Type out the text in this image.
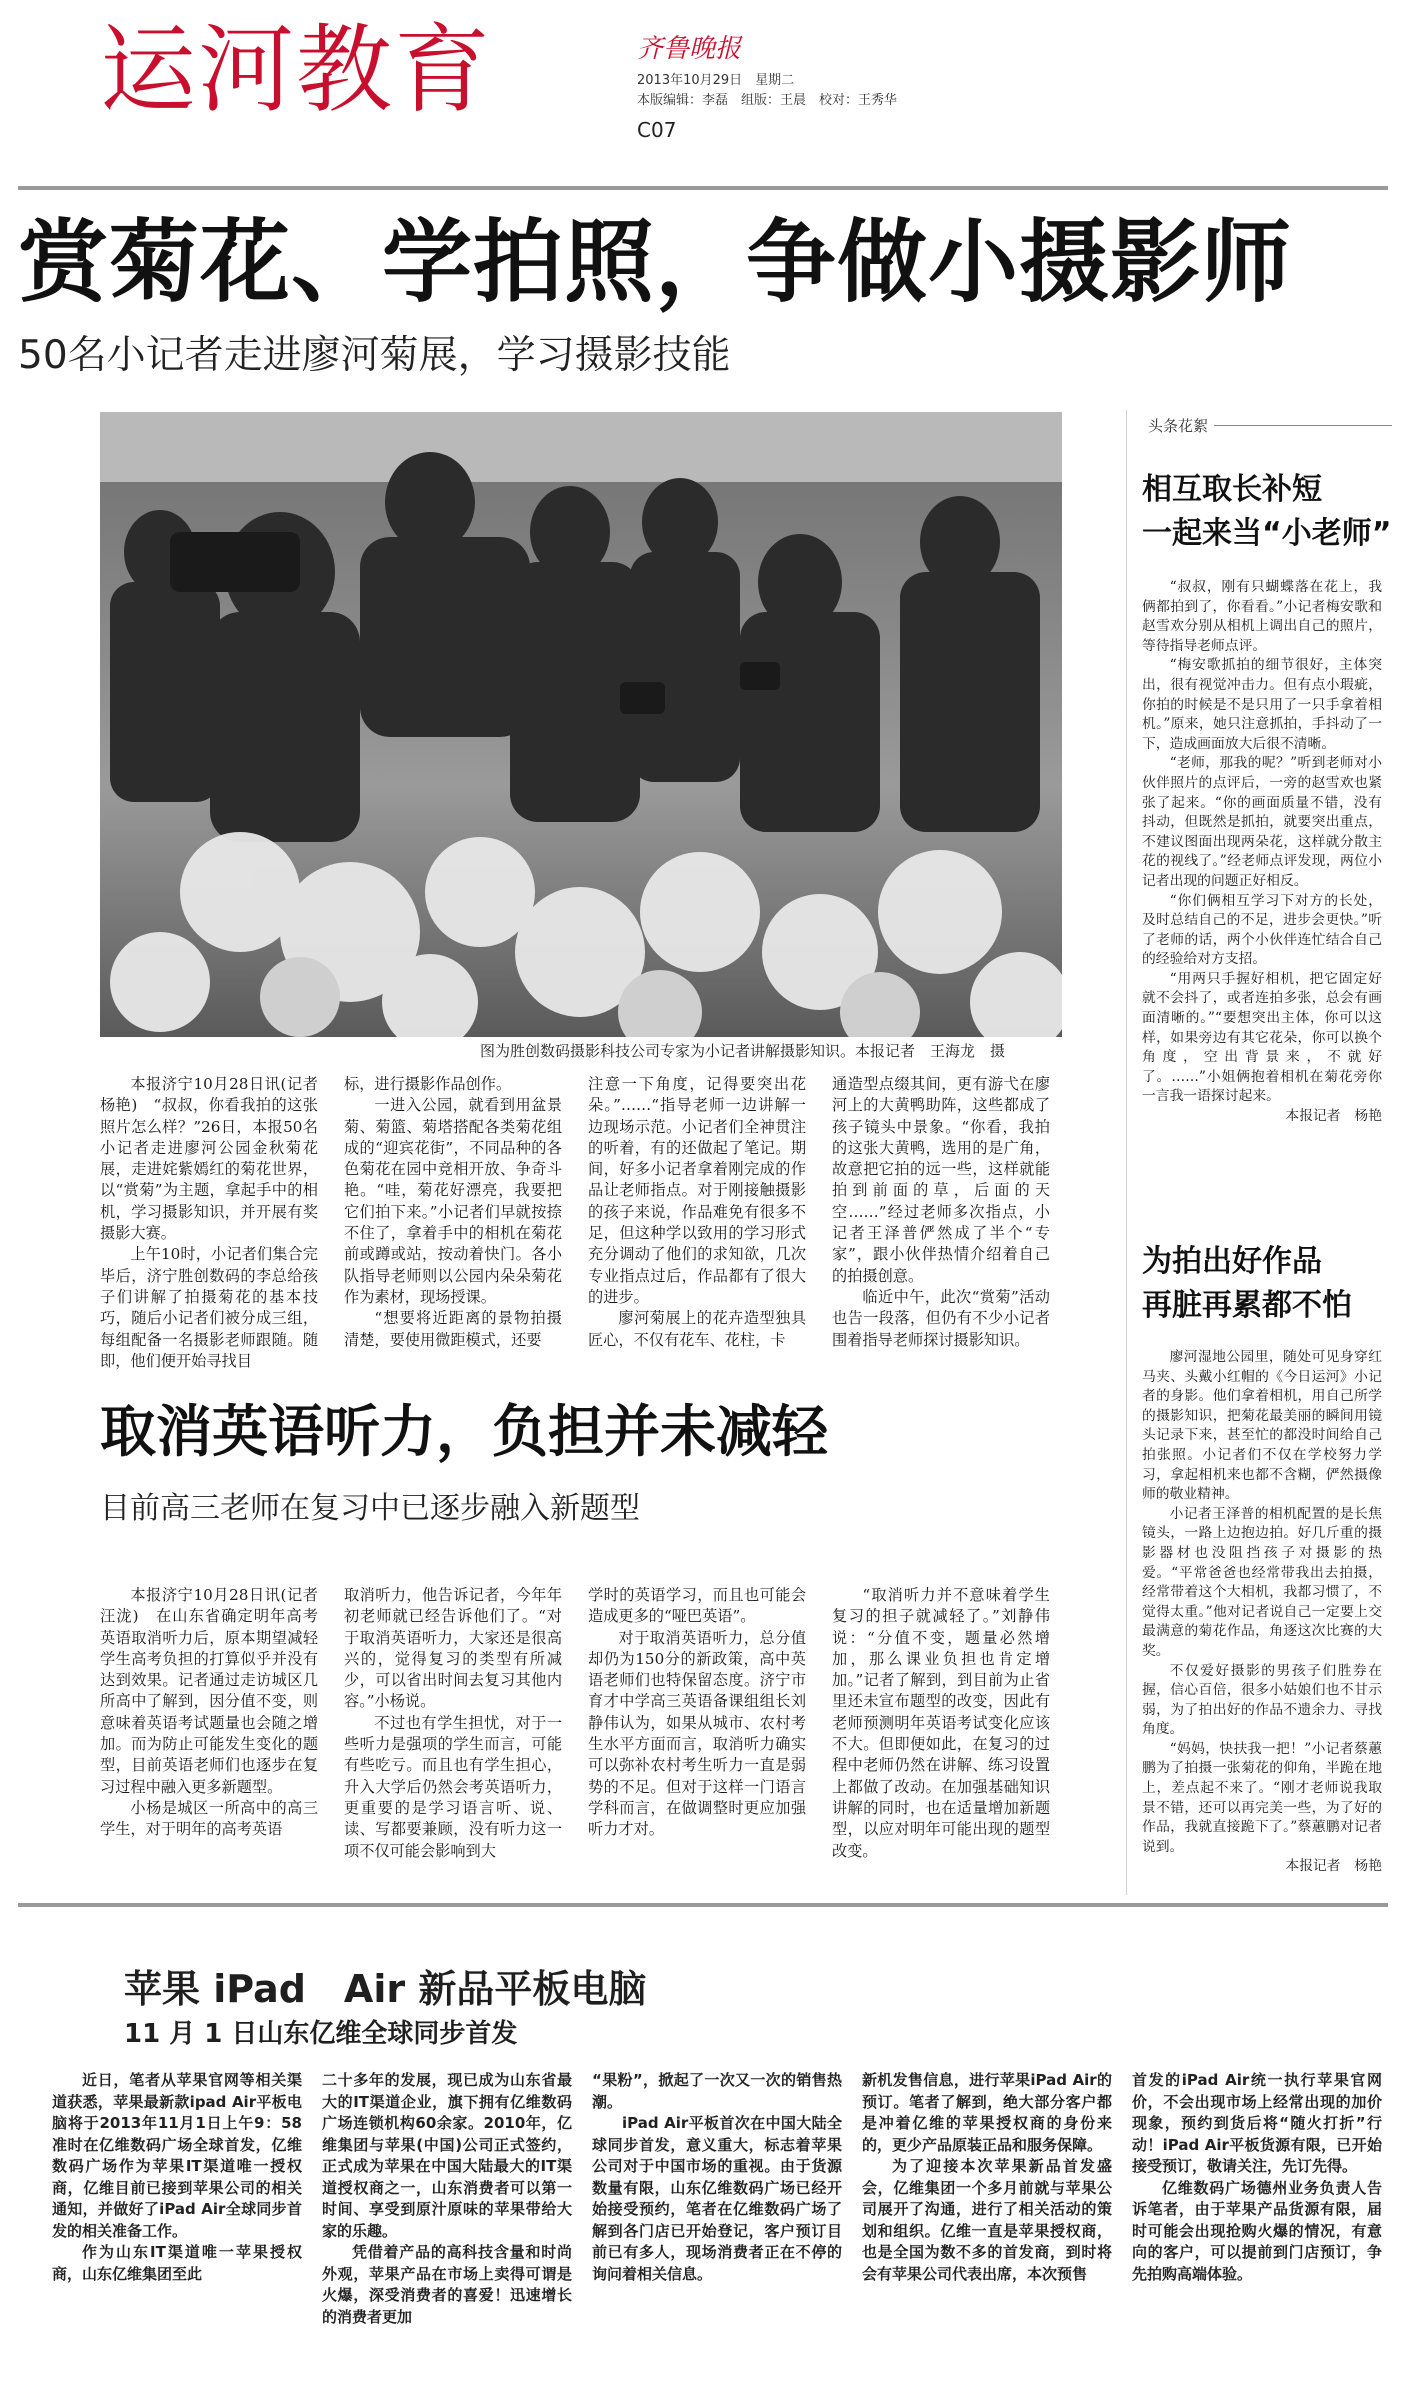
运河教育	齐鲁晚报
2013年10月29日　星期二
本版编辑：李磊　组版：王晨　校对：王秀华
C07
赏菊花、学拍照，争做小摄影师
50名小记者走进廖河菊展，学习摄影技能
图为胜创数码摄影科技公司专家为小记者讲解摄影知识。本报记者　王海龙　摄

本报济宁10月28日讯(记者　杨艳)　“叔叔，你看我拍的这张照片怎么样？”26日，本报50名小记者走进廖河公园金秋菊花展，走进姹紫嫣红的菊花世界，以“赏菊”为主题，拿起手中的相机，学习摄影知识，并开展有奖摄影大赛。

上午10时，小记者们集合完毕后，济宁胜创数码的李总给孩子们讲解了拍摄菊花的基本技巧，随后小记者们被分成三组，每组配备一名摄影老师跟随。随即，他们便开始寻找目

标，进行摄影作品创作。

一进入公园，就看到用盆景菊、菊篮、菊塔搭配各类菊花组成的“迎宾花街”，不同品种的各色菊花在园中竞相开放、争奇斗艳。“哇，菊花好漂亮，我要把它们拍下来。”小记者们早就按捺不住了，拿着手中的相机在菊花前或蹲或站，按动着快门。各小队指导老师则以公园内朵朵菊花作为素材，现场授课。

“想要将近距离的景物拍摄清楚，要使用微距模式，还要

注意一下角度，记得要突出花朵。”……“指导老师一边讲解一边现场示范。小记者们全神贯注的听着，有的还做起了笔记。期间，好多小记者拿着刚完成的作品让老师指点。对于刚接触摄影的孩子来说，作品难免有很多不足，但这种学以致用的学习形式充分调动了他们的求知欲，几次专业指点过后，作品都有了很大的进步。

廖河菊展上的花卉造型独具匠心，不仅有花车、花柱，卡

通造型点缀其间，更有游弋在廖河上的大黄鸭助阵，这些都成了孩子镜头中景象。“你看，我拍的这张大黄鸭，选用的是广角，故意把它拍的远一些，这样就能拍到前面的草，后面的天空……”经过老师多次指点，小记者王泽普俨然成了半个“专家”，跟小伙伴热情介绍着自己的拍摄创意。

临近中午，此次“赏菊”活动也告一段落，但仍有不少小记者围着指导老师探讨摄影知识。

取消英语听力，负担并未减轻
目前高三老师在复习中已逐步融入新题型

本报济宁10月28日讯(记者　汪泷)　在山东省确定明年高考英语取消听力后，原本期望减轻学生高考负担的打算似乎并没有达到效果。记者通过走访城区几所高中了解到，因分值不变，则意味着英语考试题量也会随之增加。而为防止可能发生变化的题型，目前英语老师们也逐步在复习过程中融入更多新题型。

小杨是城区一所高中的高三学生，对于明年的高考英语

取消听力，他告诉记者，今年年初老师就已经告诉他们了。“对于取消英语听力，大家还是很高兴的，觉得复习的类型有所减少，可以省出时间去复习其他内容。”小杨说。

不过也有学生担忧，对于一些听力是强项的学生而言，可能有些吃亏。而且也有学生担心，升入大学后仍然会考英语听力，更重要的是学习语言听、说、读、写都要兼顾，没有听力这一项不仅可能会影响到大

学时的英语学习，而且也可能会造成更多的“哑巴英语”。

对于取消英语听力，总分值却仍为150分的新政策，高中英语老师们也特保留态度。济宁市育才中学高三英语备课组组长刘静伟认为，如果从城市、农村考生水平方面而言，取消听力确实可以弥补农村考生听力一直是弱势的不足。但对于这样一门语言学科而言，在做调整时更应加强听力才对。

“取消听力并不意味着学生复习的担子就减轻了。”刘静伟说：“分值不变，题量必然增加，那么课业负担也肯定增加。”记者了解到，到目前为止省里还未宣布题型的改变，因此有老师预测明年英语考试变化应该不大。但即便如此，在复习的过程中老师仍然在讲解、练习设置上都做了改动。在加强基础知识讲解的同时，也在适量增加新题型，以应对明年可能出现的题型改变。

头条花絮
相互取长补短
一起来当“小老师”

“叔叔，刚有只蝴蝶落在花上，我俩都拍到了，你看看。”小记者梅安歌和赵雪欢分别从相机上调出自己的照片，等待指导老师点评。

“梅安歌抓拍的细节很好，主体突出，很有视觉冲击力。但有点小瑕疵，你拍的时候是不是只用了一只手拿着相机。”原来，她只注意抓拍，手抖动了一下，造成画面放大后很不清晰。

“老师，那我的呢？”听到老师对小伙伴照片的点评后，一旁的赵雪欢也紧张了起来。“你的画面质量不错，没有抖动，但既然是抓拍，就要突出重点，不建议图面出现两朵花，这样就分散主花的视线了。”经老师点评发现，两位小记者出现的问题正好相反。

“你们俩相互学习下对方的长处，及时总结自己的不足，进步会更快。”听了老师的话，两个小伙伴连忙结合自己的经验给对方支招。

“用两只手握好相机，把它固定好就不会抖了，或者连拍多张，总会有画面清晰的。”“要想突出主体，你可以这样，如果旁边有其它花朵，你可以换个角度，空出背景来，不就好了。……”小姐俩抱着相机在菊花旁你一言我一语探讨起来。

本报记者　杨艳

为拍出好作品
再脏再累都不怕

廖河湿地公园里，随处可见身穿红马夹、头戴小红帽的《今日运河》小记者的身影。他们拿着相机，用自己所学的摄影知识，把菊花最美丽的瞬间用镜头记录下来，甚至忙的都没时间给自己拍张照。小记者们不仅在学校努力学习，拿起相机来也都不含糊，俨然摄像师的敬业精神。

小记者王泽普的相机配置的是长焦镜头，一路上边抱边拍。好几斤重的摄影器材也没阻挡孩子对摄影的热爱。“平常爸爸也经常带我出去拍摄，经常带着这个大相机，我都习惯了，不觉得太重。”他对记者说自己一定要上交最满意的菊花作品，角逐这次比赛的大奖。

不仅爱好摄影的男孩子们胜券在握，信心百倍，很多小姑娘们也不甘示弱，为了拍出好的作品不遗余力、寻找角度。

“妈妈，快扶我一把！”小记者蔡蕙鹏为了拍摄一张菊花的仰角，半跪在地上，差点起不来了。“刚才老师说我取景不错，还可以再完美一些，为了好的作品，我就直接跪下了。”蔡蕙鹏对记者说到。

本报记者　杨艳

苹果 iPad　Air 新品平板电脑
11 月 1 日山东亿维全球同步首发

近日，笔者从苹果官网等相关渠道获悉，苹果最新款ipad Air平板电脑将于2013年11月1日上午9：58准时在亿维数码广场全球首发，亿维数码广场作为苹果IT渠道唯一授权商，亿维目前已接到苹果公司的相关通知，并做好了iPad Air全球同步首发的相关准备工作。

作为山东IT渠道唯一苹果授权商，山东亿维集团至此

二十多年的发展，现已成为山东省最大的IT渠道企业，旗下拥有亿维数码广场连锁机构60余家。2010年，亿维集团与苹果(中国)公司正式签约，正式成为苹果在中国大陆最大的IT渠道授权商之一，山东消费者可以第一时间、享受到原汁原味的苹果带给大家的乐趣。

凭借着产品的高科技含量和时尚外观，苹果产品在市场上卖得可谓是火爆，深受消费者的喜爱！迅速增长的消费者更加

“果粉”，掀起了一次又一次的销售热潮。

iPad Air平板首次在中国大陆全球同步首发，意义重大，标志着苹果公司对于中国市场的重视。由于货源数量有限，山东亿维数码广场已经开始接受预约，笔者在亿维数码广场了解到各门店已开始登记，客户预订目前已有多人，现场消费者正在不停的询问着相关信息。

新机发售信息，进行苹果iPad Air的预订。笔者了解到，绝大部分客户都是冲着亿维的苹果授权商的身份来的，更少产品原装正品和服务保障。

为了迎接本次苹果新品首发盛会，亿维集团一个多月前就与苹果公司展开了沟通，进行了相关活动的策划和组织。亿维一直是苹果授权商，也是全国为数不多的首发商，到时将会有苹果公司代表出席，本次预售

首发的iPad Air统一执行苹果官网价，不会出现市场上经常出现的加价现象，预约到货后将“随火打折”行动！iPad Air平板货源有限，已开始接受预订，敬请关注，先订先得。

亿维数码广场德州业务负责人告诉笔者，由于苹果产品货源有限，届时可能会出现抢购火爆的情况，有意向的客户，可以提前到门店预订，争先拍购高端体验。
